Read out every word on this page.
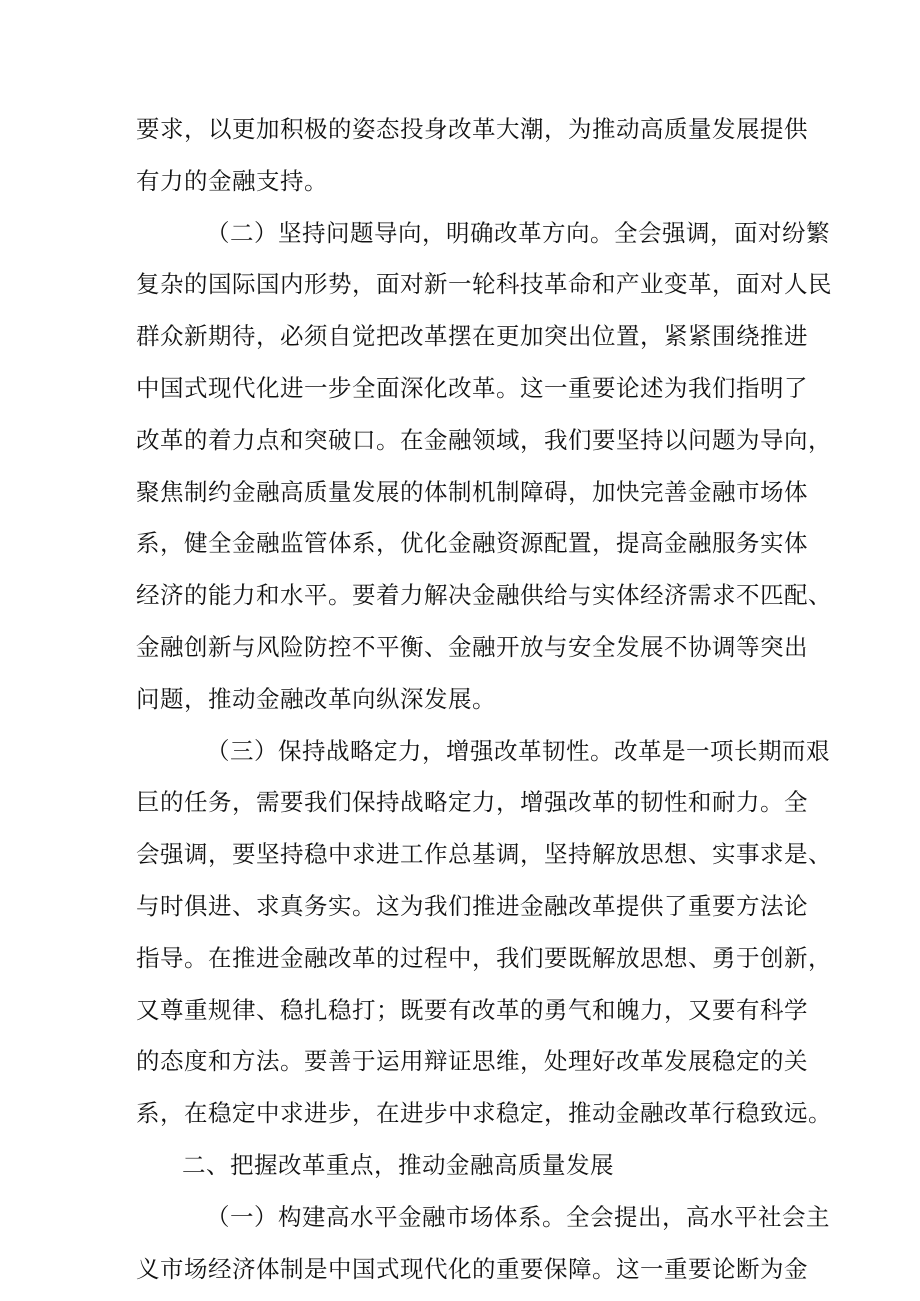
要求，以更加积极的姿态投身改革大潮，为推动高质量发展提供
有力的金融支持。
（二）坚持问题导向，明确改革方向。全会强调，面对纷繁
复杂的国际国内形势，面对新一轮科技革命和产业变革，面对人民
群众新期待，必须自觉把改革摆在更加突出位置，紧紧围绕推进
中国式现代化进一步全面深化改革。这一重要论述为我们指明了
改革的着力点和突破口。在金融领域，我们要坚持以问题为导向，
聚焦制约金融高质量发展的体制机制障碍，加快完善金融市场体
系，健全金融监管体系，优化金融资源配置，提高金融服务实体
经济的能力和水平。要着力解决金融供给与实体经济需求不匹配、
金融创新与风险防控不平衡、金融开放与安全发展不协调等突出
问题，推动金融改革向纵深发展。
（三）保持战略定力，增强改革韧性。改革是一项长期而艰
巨的任务，需要我们保持战略定力，增强改革的韧性和耐力。全
会强调，要坚持稳中求进工作总基调，坚持解放思想、实事求是、
与时俱进、求真务实。这为我们推进金融改革提供了重要方法论
指导。在推进金融改革的过程中，我们要既解放思想、勇于创新，
又尊重规律、稳扎稳打；既要有改革的勇气和魄力，又要有科学
的态度和方法。要善于运用辩证思维，处理好改革发展稳定的关
系，在稳定中求进步，在进步中求稳定，推动金融改革行稳致远。
二、把握改革重点，推动金融高质量发展
（一）构建高水平金融市场体系。全会提出，高水平社会主
义市场经济体制是中国式现代化的重要保障。这一重要论断为金
